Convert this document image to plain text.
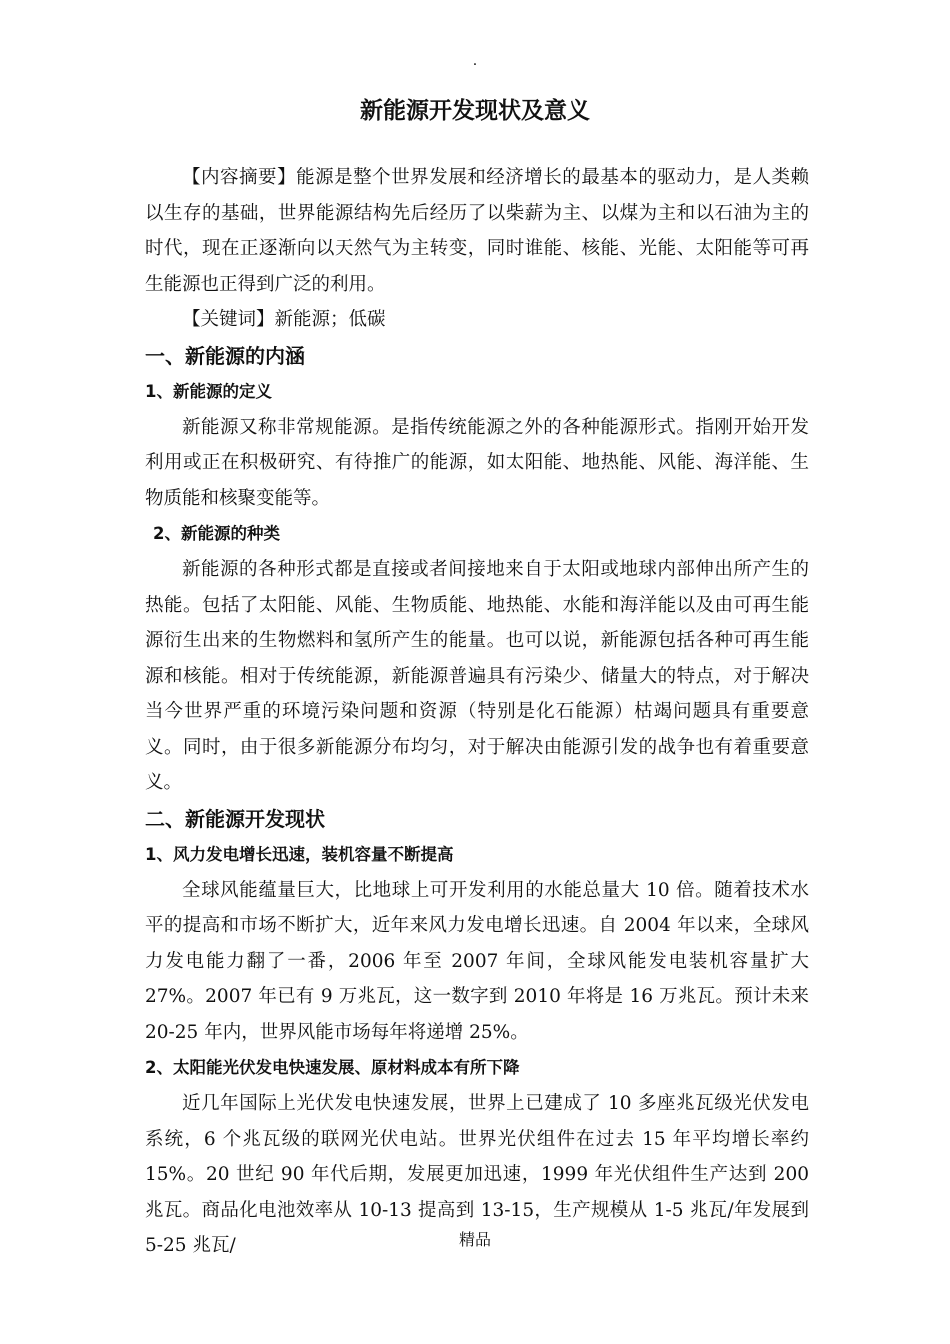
.
新能源开发现状及意义

【内容摘要】能源是整个世界发展和经济增长的最基本的驱动力，是人类赖以生存的基础，世界能源结构先后经历了以柴薪为主、以煤为主和以石油为主的时代，现在正逐渐向以天然气为主转变，同时谁能、核能、光能、太阳能等可再生能源也正得到广泛的利用。

【关键词】新能源；低碳

一、新能源的内涵
1、新能源的定义

新能源又称非常规能源。是指传统能源之外的各种能源形式。指刚开始开发利用或正在积极研究、有待推广的能源，如太阳能、地热能、风能、海洋能、生物质能和核聚变能等。

2、新能源的种类

新能源的各种形式都是直接或者间接地来自于太阳或地球内部伸出所产生的热能。包括了太阳能、风能、生物质能、地热能、水能和海洋能以及由可再生能源衍生出来的生物燃料和氢所产生的能量。也可以说，新能源包括各种可再生能源和核能。相对于传统能源，新能源普遍具有污染少、储量大的特点，对于解决当今世界严重的环境污染问题和资源（特别是化石能源）枯竭问题具有重要意义。同时，由于很多新能源分布均匀，对于解决由能源引发的战争也有着重要意义。

二、新能源开发现状
1、风力发电增长迅速，装机容量不断提高

全球风能蕴量巨大，比地球上可开发利用的水能总量大 10 倍。随着技术水平的提高和市场不断扩大，近年来风力发电增长迅速。自 2004 年以来，全球风力发电能力翻了一番，2006 年至 2007 年间，全球风能发电装机容量扩大 27%。2007 年已有 9 万兆瓦，这一数字到 2010 年将是 16 万兆瓦。预计未来 20-25 年内，世界风能市场每年将递增 25%。

2、太阳能光伏发电快速发展、原材料成本有所下降

近几年国际上光伏发电快速发展，世界上已建成了 10 多座兆瓦级光伏发电系统，6 个兆瓦级的联网光伏电站。世界光伏组件在过去 15 年平均增长率约 15%。20 世纪 90 年代后期，发展更加迅速，1999 年光伏组件生产达到 200 兆瓦。商品化电池效率从 10-13 提高到 13-15，生产规模从 1-5 兆瓦/年发展到 5-25 兆瓦/	精品
